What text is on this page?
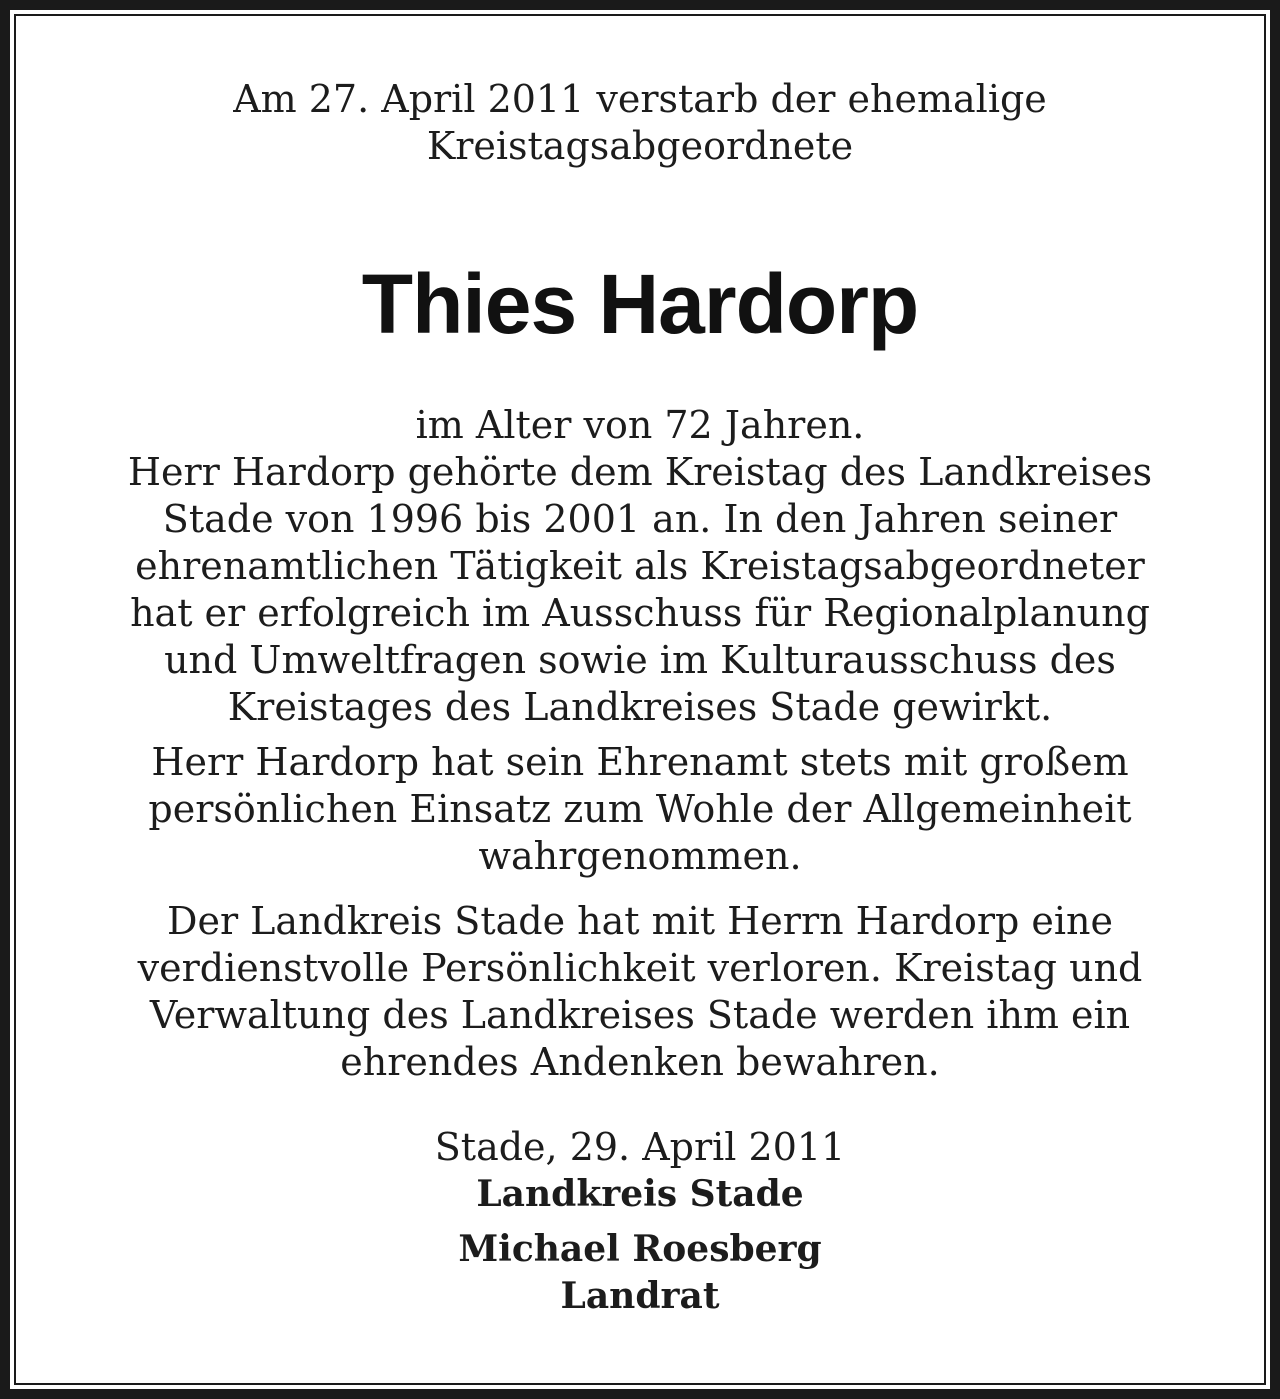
Am 27. April 2011 verstarb der ehemalige
Kreistagsabgeordnete
Thies Hardorp
im Alter von 72 Jahren.
Herr Hardorp gehörte dem Kreistag des Landkreises
Stade von 1996 bis 2001 an. In den Jahren seiner
ehrenamtlichen Tätigkeit als Kreistagsabgeordneter
hat er erfolgreich im Ausschuss für Regionalplanung
und Umweltfragen sowie im Kulturausschuss des
Kreistages des Landkreises Stade gewirkt.
Herr Hardorp hat sein Ehrenamt stets mit großem
persönlichen Einsatz zum Wohle der Allgemeinheit
wahrgenommen.
Der Landkreis Stade hat mit Herrn Hardorp eine
verdienstvolle Persönlichkeit verloren. Kreistag und
Verwaltung des Landkreises Stade werden ihm ein
ehrendes Andenken bewahren.
Stade, 29. April 2011
Landkreis Stade
Michael Roesberg
Landrat
